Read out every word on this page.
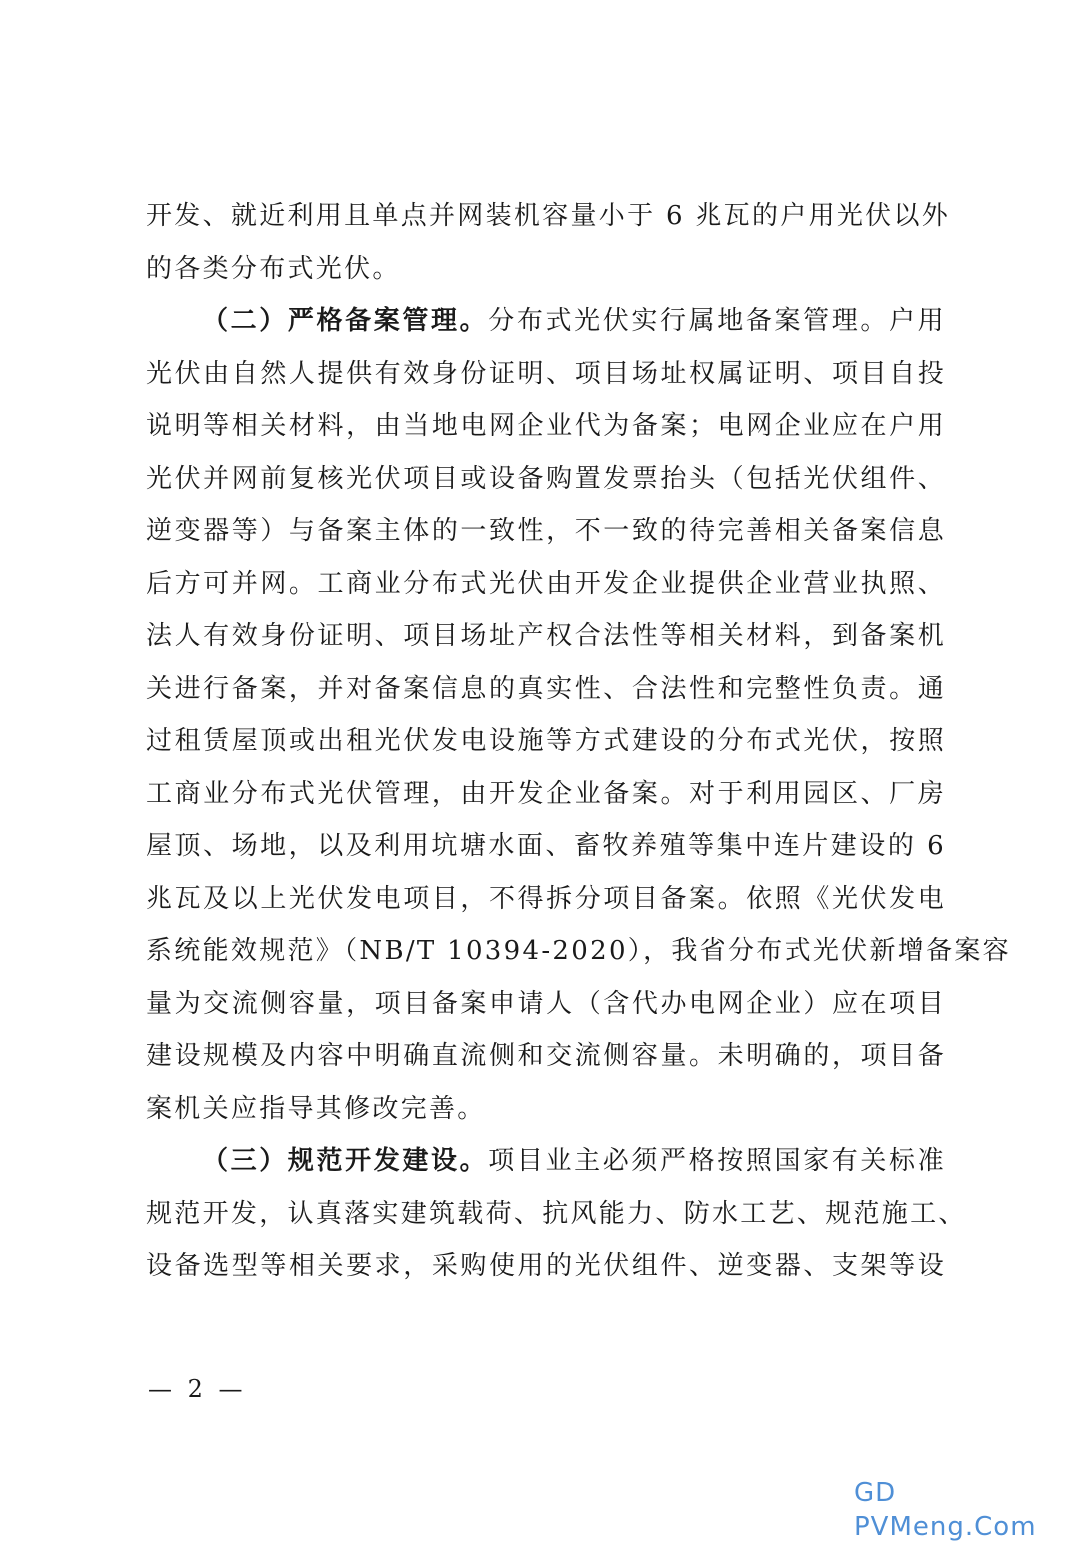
开发、就近利用且单点并网装机容量小于 6 兆瓦的户用光伏以外
的各类分布式光伏。
（二）严格备案管理。分布式光伏实行属地备案管理。户用
光伏由自然人提供有效身份证明、项目场址权属证明、项目自投
说明等相关材料，由当地电网企业代为备案；电网企业应在户用
光伏并网前复核光伏项目或设备购置发票抬头（包括光伏组件、
逆变器等）与备案主体的一致性，不一致的待完善相关备案信息
后方可并网。工商业分布式光伏由开发企业提供企业营业执照、
法人有效身份证明、项目场址产权合法性等相关材料，到备案机
关进行备案，并对备案信息的真实性、合法性和完整性负责。通
过租赁屋顶或出租光伏发电设施等方式建设的分布式光伏，按照
工商业分布式光伏管理，由开发企业备案。对于利用园区、厂房
屋顶、场地，以及利用坑塘水面、畜牧养殖等集中连片建设的 6
兆瓦及以上光伏发电项目，不得拆分项目备案。依照《光伏发电
系统能效规范》（NB/T 10394-2020），我省分布式光伏新增备案容
量为交流侧容量，项目备案申请人（含代办电网企业）应在项目
建设规模及内容中明确直流侧和交流侧容量。未明确的，项目备
案机关应指导其修改完善。
（三）规范开发建设。项目业主必须严格按照国家有关标准
规范开发，认真落实建筑载荷、抗风能力、防水工艺、规范施工、
设备选型等相关要求，采购使用的光伏组件、逆变器、支架等设
— 2 —
GD PVMeng.Com
